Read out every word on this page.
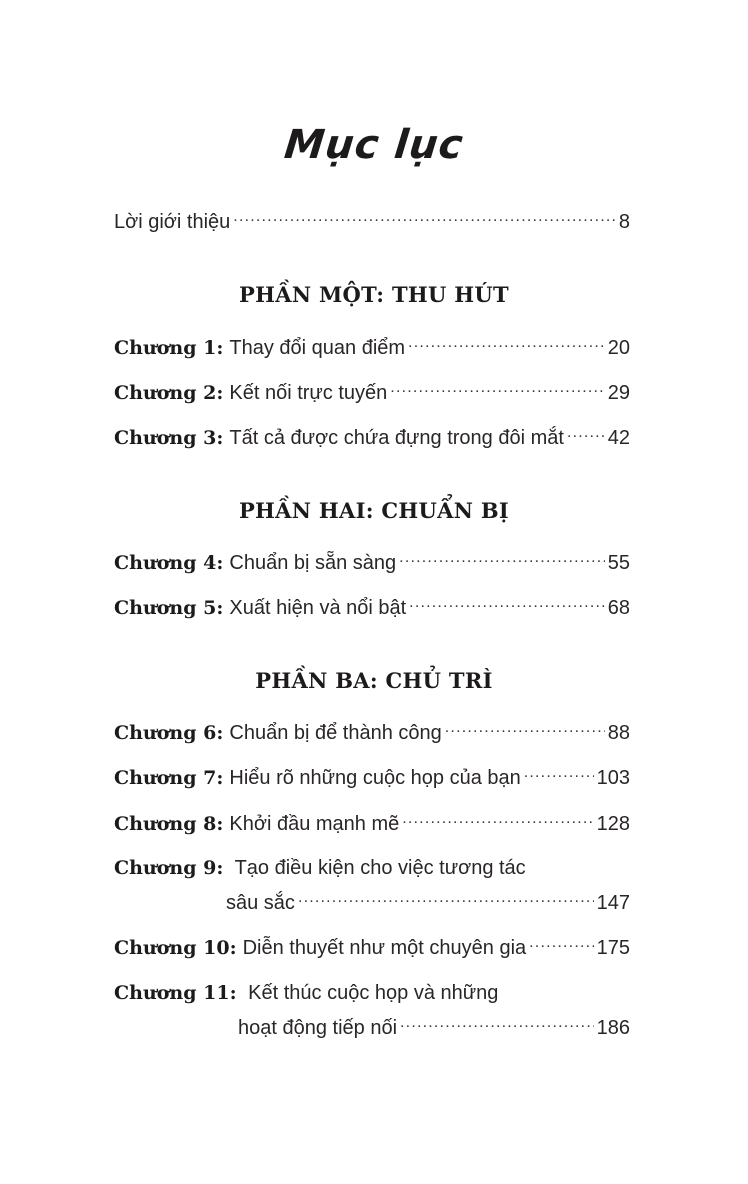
Mục lục
Lời giới thiệu .....	8
PHẦN MỘT: THU HÚT
Chương 1: Thay đổi quan điểm .....	20
Chương 2: Kết nối trực tuyến .....	29
Chương 3: Tất cả được chứa đựng trong đôi mắt ..... 42
PHẦN HAI: CHUẨN BỊ
Chương 4: Chuẩn bị sẵn sàng .....	55
Chương 5: Xuất hiện và nổi bật .....	68
PHẦN BA: CHỦ TRÌ
Chương 6: Chuẩn bị để thành công .....	88
Chương 7: Hiểu rõ những cuộc họp của bạn .....	103
Chương 8: Khởi đầu mạnh mẽ .....	128
Chương 9: Tạo điều kiện cho việc tương tác
sâu sắc .....	147
Chương 10: Diễn thuyết như một chuyên gia .....	175
Chương 11: Kết thúc cuộc họp và những
hoạt động tiếp nối .....	186
